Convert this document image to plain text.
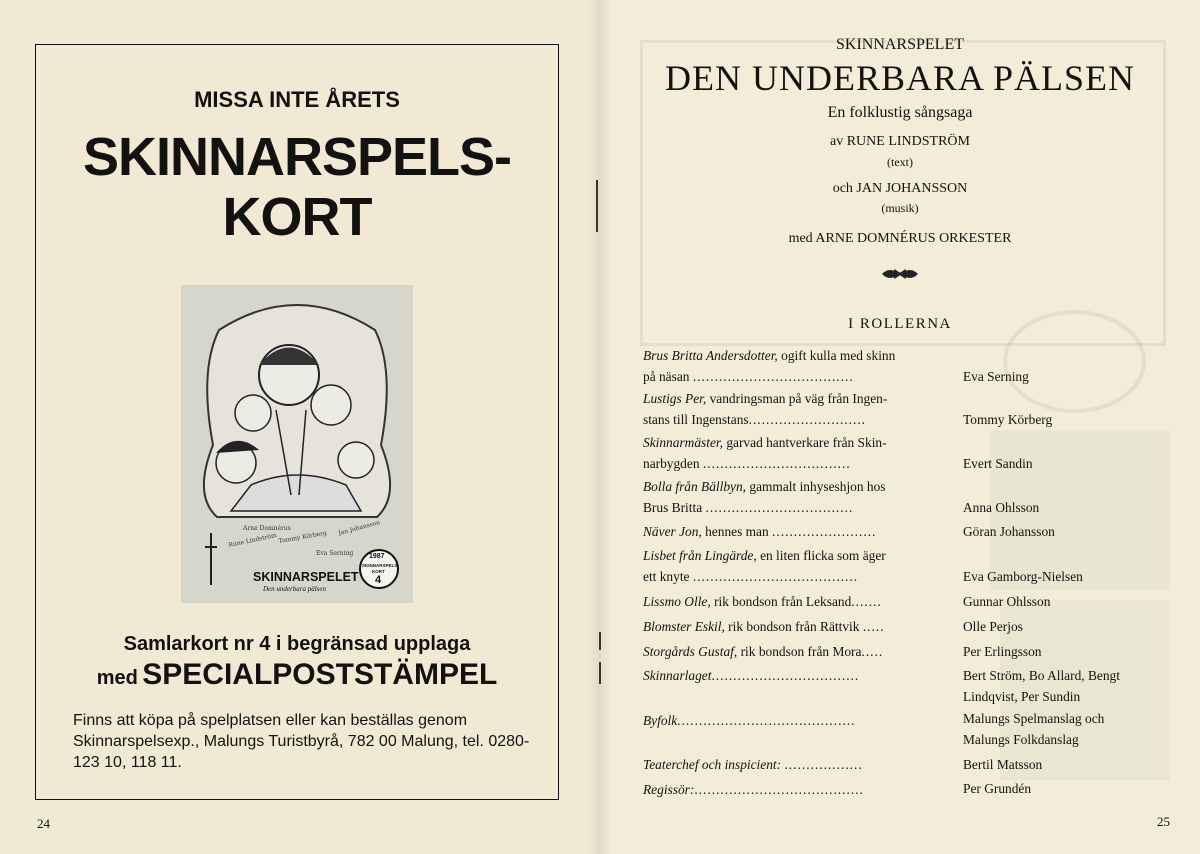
MISSA INTE ÅRETS
SKINNARSPELS-
KORT
Arne Domnérus
Rune Lindström Tommy Körberg
Jan Johansson
Eva Serning
SKINNARSPELET
Den underbara pälsen
1987
SKINNARSPELS-
KORT
4
Samlarkort nr 4 i begränsad upplaga
med SPECIALPOSTSTÄMPEL
Finns att köpa på spelplatsen eller kan beställas genom Skinnarspelsexp., Malungs Turistbyrå, 782 00 Malung, tel. 0280-123 10, 118 11.
24
SKINNARSPELET
DEN UNDERBARA PÄLSEN
En folklustig sångsaga
av RUNE LINDSTRÖM
(text)
och JAN JOHANSSON
(musik)
med ARNE DOMNÉRUS ORKESTER
I ROLLERNA
Brus Britta Andersdotter, ogift kulla med skinn
på näsan .....................................	Eva Serning
Lustigs Per, vandringsman på väg från Ingen-
stans till Ingenstans...........................	Tommy Körberg
Skinnarmäster, garvad hantverkare från Skin-
narbygden ..................................	Evert Sandin
Bolla från Bällbyn, gammalt inhyseshjon hos
Brus Britta ..................................	Anna Ohlsson
Näver Jon, hennes man ........................	Göran Johansson
Lisbet från Lingärde, en liten flicka som äger
ett knyte ......................................	Eva Gamborg-Nielsen
Lissmo Olle, rik bondson från Leksand.......	Gunnar Ohlsson
Blomster Eskil, rik bondson från Rättvik .....	Olle Perjos
Storgårds Gustaf, rik bondson från Mora.....	Per Erlingsson
Skinnarlaget..................................	Bert Ström, Bo Allard, Bengt
Lindqvist, Per Sundin
Byfolk.........................................	Malungs Spelmanslag och
Malungs Folkdanslag
Teaterchef och inspicient: ..................	Bertil Matsson
Regissör:.......................................	Per Grundén
25
